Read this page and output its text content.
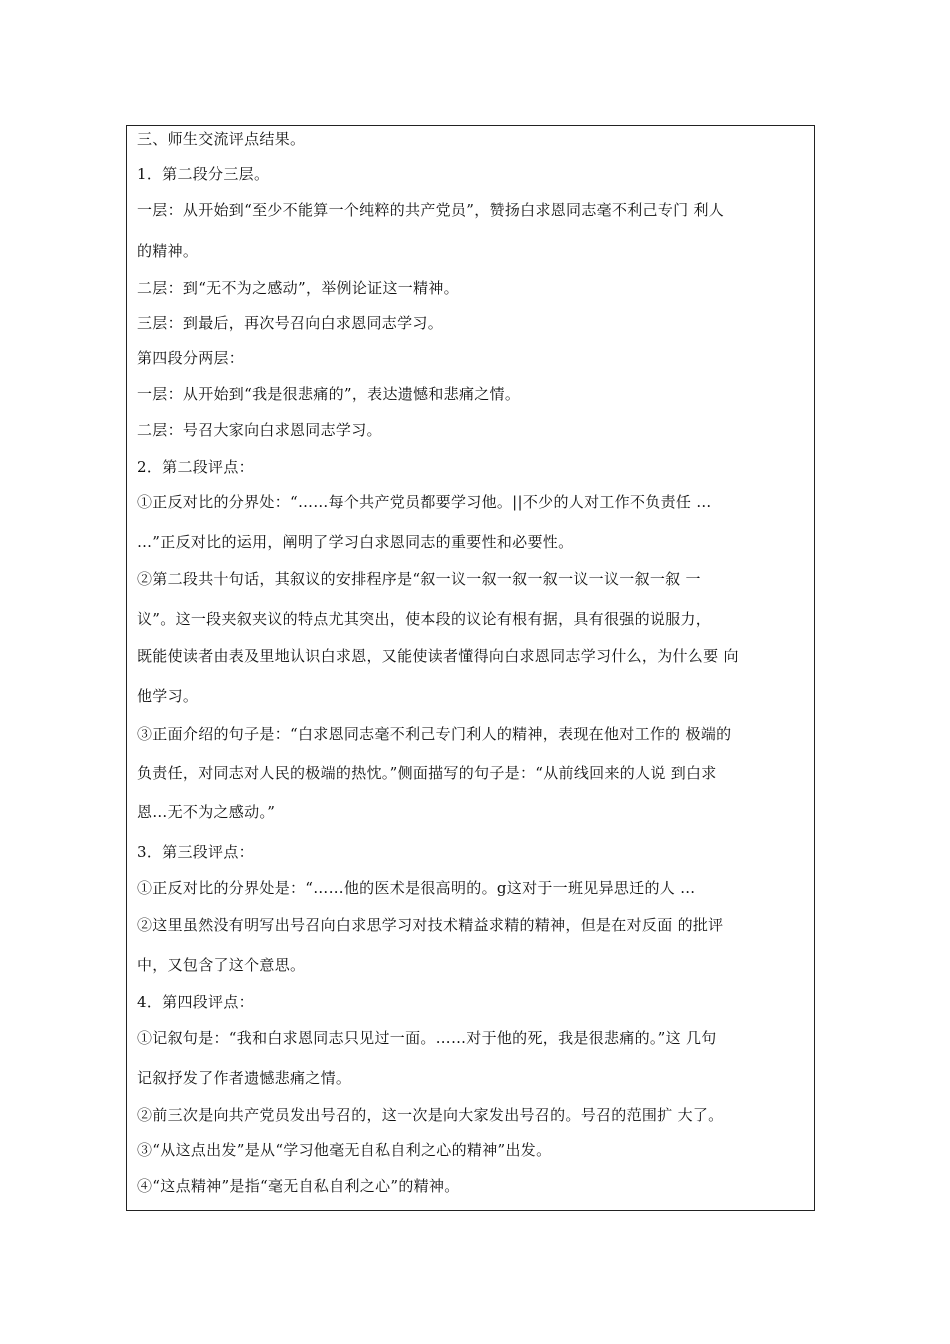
三、师生交流评点结果。
1．第二段分三层。
一层：从开始到“至少不能算一个纯粹的共产党员”，赞扬白求恩同志毫不利己专门 利人
的精神。
二层：到“无不为之感动”，举例论证这一精神。
三层：到最后，再次号召向白求恩同志学习。
第四段分两层：
一层：从开始到“我是很悲痛的”，表达遗憾和悲痛之情。
二层：号召大家向白求恩同志学习。
2．第二段评点：
①正反对比的分界处：“……每个共产党员都要学习他。||不少的人对工作不负责任 …
…”正反对比的运用，阐明了学习白求恩同志的重要性和必要性。
②第二段共十句话，其叙议的安排程序是“叙一议一叙一叙一叙一议一议一叙一叙 一
议”。这一段夹叙夹议的特点尤其突出，使本段的议论有根有据，具有很强的说服力，
既能使读者由表及里地认识白求恩，又能使读者懂得向白求恩同志学习什么，为什么要 向
他学习。
③正面介绍的句子是：“白求恩同志毫不利己专门利人的精神，表现在他对工作的 极端的
负责任，对同志对人民的极端的热忱。”侧面描写的句子是：“从前线回来的人说 到白求
恩…无不为之感动。”
3．第三段评点：
①正反对比的分界处是：“……他的医术是很高明的。g这对于一班见异思迁的人 …
②这里虽然没有明写出号召向白求思学习对技术精益求精的精神，但是在对反面 的批评
中，又包含了这个意思。
4．第四段评点：
①记叙句是：“我和白求恩同志只见过一面。……对于他的死，我是很悲痛的。”这 几句
记叙抒发了作者遗憾悲痛之情。
②前三次是向共产党员发出号召的，这一次是向大家发出号召的。号召的范围扩 大了。
③“从这点出发”是从“学习他毫无自私自利之心的精神”出发。
④“这点精神”是指“毫无自私自利之心”的精神。
